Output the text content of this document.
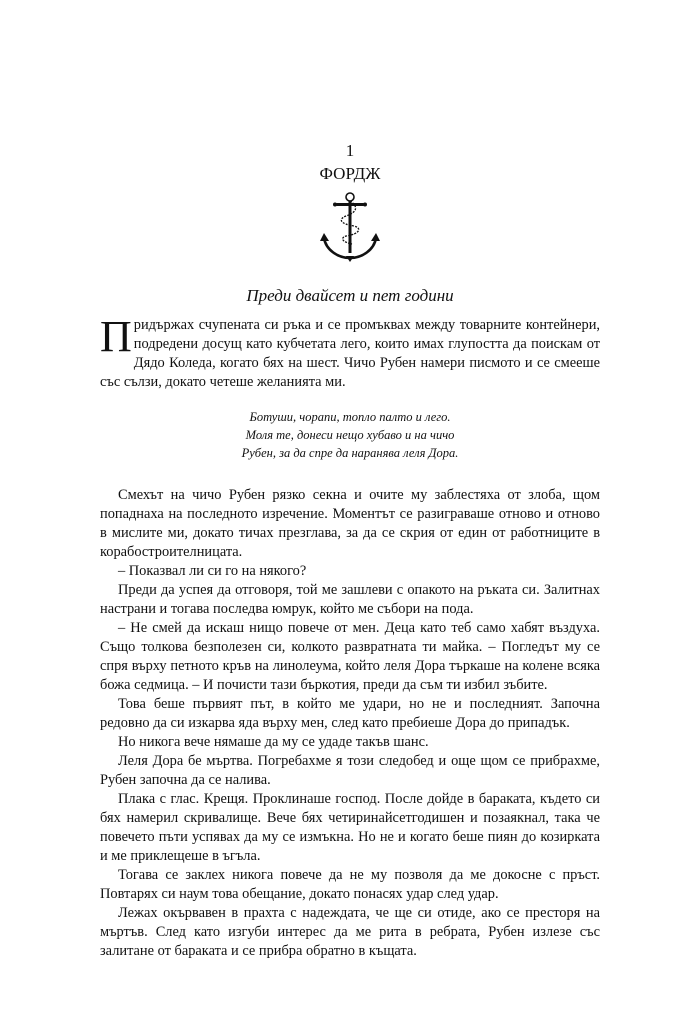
1
ФОРДЖ
Преди двайсет и пет години

Придържах счупената си ръка и се промъквах между товарните контейнери, подредени досущ като кубчетата лего, които имах глупостта да поискам от Дядо Коледа, когато бях на шест. Чичо Рубен намери писмото и се смееше със сълзи, докато четеше желанията ми.

Ботуши, чорапи, топло палто и лего.
Моля те, донеси нещо хубаво и на чичо
Рубен, за да спре да наранява леля Дора.

Смехът на чичо Рубен рязко секна и очите му заблестяха от злоба, щом попаднаха на последното изречение. Моментът се разиграваше отново и отново в мислите ми, докато тичах презглава, за да се скрия от един от работниците в корабостроителницата.

– Показвал ли си го на някого?

Преди да успея да отговоря, той ме зашлеви с опакото на ръката си. Залитнах настрани и тогава последва юмрук, който ме събори на пода.

– Не смей да искаш нищо повече от мен. Деца като теб само хабят въздуха. Също толкова безполезен си, колкото развратната ти майка. – Погледът му се спря върху петното кръв на линолеума, който леля Дора търкаше на колене всяка божа седмица. – И почисти тази бъркотия, преди да съм ти избил зъбите.

Това беше първият път, в който ме удари, но не и последният. Започна редовно да си изкарва яда върху мен, след като пребиеше Дора до припадък.

Но никога вече нямаше да му се удаде такъв шанс.

Леля Дора бе мъртва. Погребахме я този следобед и още щом се прибрахме, Рубен започна да се налива.

Плака с глас. Крещя. Проклинаше господ. После дойде в бараката, където си бях намерил скривалище. Вече бях четиринайсетгодишен и позаякнал, така че повечето пъти успявах да му се измъкна. Но не и когато беше пиян до козирката и ме приклещеше в ъгъла.

Тогава се заклех никога повече да не му позволя да ме докосне с пръст. Повтарях си наум това обещание, докато понасях удар след удар.

Лежах окървавен в прахта с надеждата, че ще си отиде, ако се престоря на мъртъв. След като изгуби интерес да ме рита в ребрата, Рубен излезе със залитане от бараката и се прибра обратно в къщата.
